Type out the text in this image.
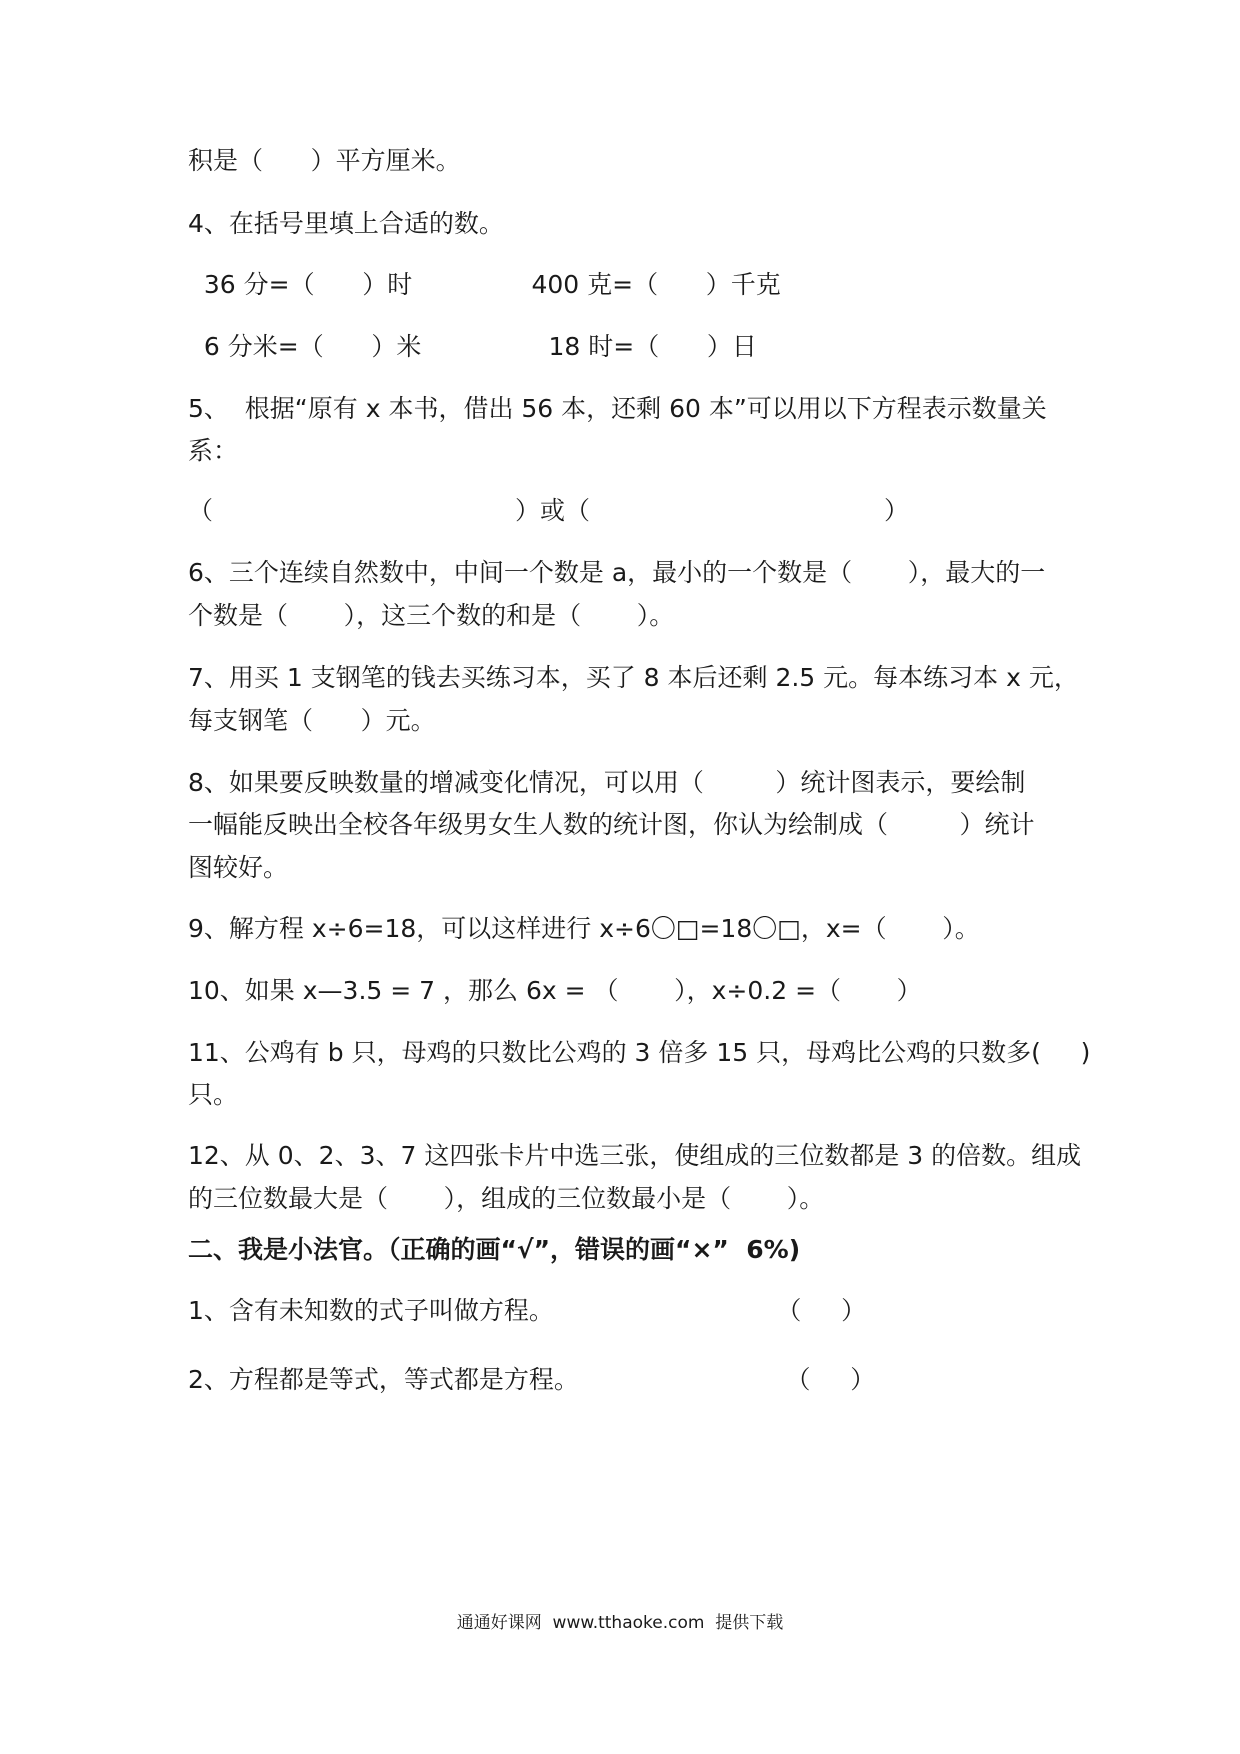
积是（      ）平方厘米。
4、在括号里填上合适的数。
36 分=（      ）时               400 克=（      ）千克
6 分米=（      ）米                18 时=（      ）日
5、  根据“原有 x 本书，借出 56 本，还剩 60 本”可以用以下方程表示数量关
系：
（                                      ）或（                                     ）
6、三个连续自然数中，中间一个数是 a，最小的一个数是（       ），最大的一
个数是（       ），这三个数的和是（       ）。
7、用买 1 支钢笔的钱去买练习本，买了 8 本后还剩 2.5 元。每本练习本 x 元，
每支钢笔（      ）元。
8、如果要反映数量的增减变化情况，可以用（         ）统计图表示，要绘制
一幅能反映出全校各年级男女生人数的统计图，你认为绘制成（         ）统计
图较好。
9、解方程 x÷6=18，可以这样进行 x÷6〇□=18〇□，x=（       ）。
10、如果 x—3.5 = 7 ，那么 6x = （       ），x÷0.2 =（       ）
11、公鸡有 b 只，母鸡的只数比公鸡的 3 倍多 15 只，母鸡比公鸡的只数多(     )
只。
12、从 0、2、3、7 这四张卡片中选三张，使组成的三位数都是 3 的倍数。组成
的三位数最大是（       ），组成的三位数最小是（       ）。
二、我是小法官。（正确的画“√”，错误的画“×”  6%)
1、含有未知数的式子叫做方程。                            （     ）
2、方程都是等式，等式都是方程。                          （     ）
通通好课网  www.tthaoke.com  提供下载
